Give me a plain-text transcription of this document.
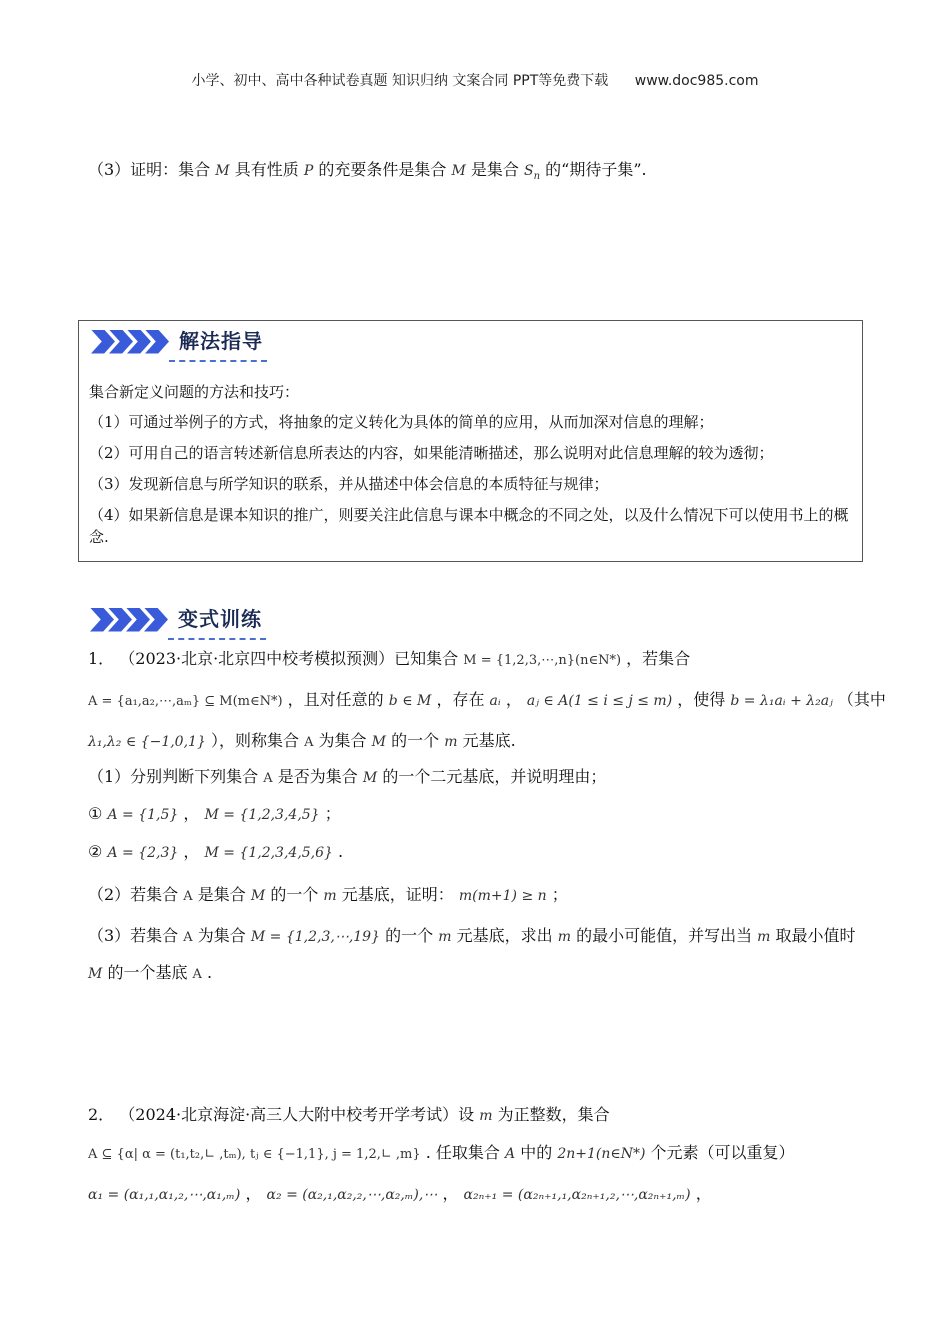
小学、初中、高中各种试卷真题 知识归纳 文案合同 PPT等免费下载 www.doc985.com
（3）证明：集合 M 具有性质 P 的充要条件是集合 M 是集合 $S_n$ 的“期待子集”.
解法指导
集合新定义问题的方法和技巧：
（1）可通过举例子的方式，将抽象的定义转化为具体的简单的应用，从而加深对信息的理解；
（2）可用自己的语言转述新信息所表达的内容，如果能清晰描述，那么说明对此信息理解的较为透彻；
（3）发现新信息与所学知识的联系，并从描述中体会信息的本质特征与规律；
（4）如果新信息是课本知识的推广，则要关注此信息与课本中概念的不同之处，以及什么情况下可以使用书上的概念.
变式训练
1． （2023·北京·北京四中校考模拟预测）已知集合 M = {1,2,3,⋯,n}(n∈N*) ，若集合
A = {a₁,a₂,⋯,aₘ} ⊆ M(m∈N*) ，且对任意的 b ∈ M ，存在 aᵢ ， aⱼ ∈ A(1 ≤ i ≤ j ≤ m) ，使得 b = λ₁aᵢ + λ₂aⱼ （其中
λ₁,λ₂ ∈ {−1,0,1} ），则称集合 A 为集合 M 的一个 m 元基底.
（1）分别判断下列集合 A 是否为集合 M 的一个二元基底，并说明理由；
① A = {1,5} ， M = {1,2,3,4,5} ；
② A = {2,3} ， M = {1,2,3,4,5,6} .
（2）若集合 A 是集合 M 的一个 m 元基底，证明： m(m+1) ≥ n ；
（3）若集合 A 为集合 M = {1,2,3,⋯,19} 的一个 m 元基底，求出 m 的最小可能值，并写出当 m 取最小值时
M 的一个基底 A .
2． （2024·北京海淀·高三人大附中校考开学考试）设 m 为正整数，集合
A ⊆ {α| α = (t₁,t₂,∟ ,tₘ), tⱼ ∈ {−1,1}, j = 1,2,∟ ,m} . 任取集合 A 中的 2n+1(n∈N*) 个元素（可以重复）
α₁ = (α₁,₁,α₁,₂,⋯,α₁,ₘ) ， α₂ = (α₂,₁,α₂,₂,⋯,α₂,ₘ),⋯ ， α₂ₙ₊₁ = (α₂ₙ₊₁,₁,α₂ₙ₊₁,₂,⋯,α₂ₙ₊₁,ₘ) ，
